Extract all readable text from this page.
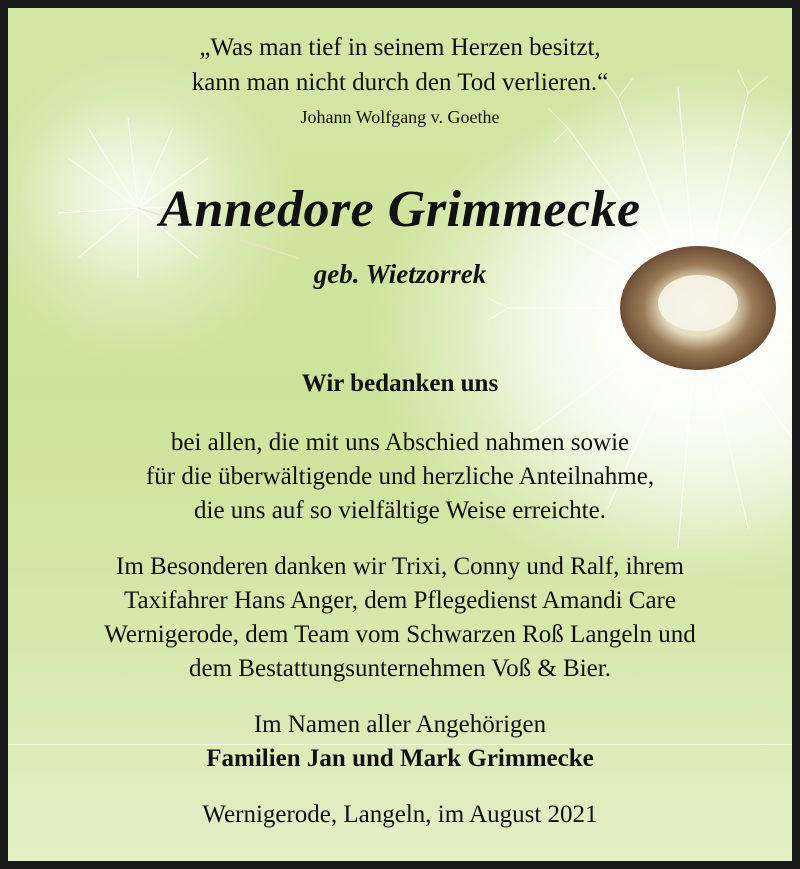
„Was man tief in seinem Herzen besitzt,
kann man nicht durch den Tod verlieren.“
Johann Wolfgang v. Goethe
Annedore Grimmecke
geb. Wietzorrek
Wir bedanken uns
bei allen, die mit uns Abschied nahmen sowie
für die überwältigende und herzliche Anteilnahme,
die uns auf so vielfältige Weise erreichte.
Im Besonderen danken wir Trixi, Conny und Ralf, ihrem
Taxifahrer Hans Anger, dem Pflegedienst Amandi Care
Wernigerode, dem Team vom Schwarzen Roß Langeln und
dem Bestattungsunternehmen Voß & Bier.
Im Namen aller Angehörigen
Familien Jan und Mark Grimmecke
Wernigerode, Langeln, im August 2021
